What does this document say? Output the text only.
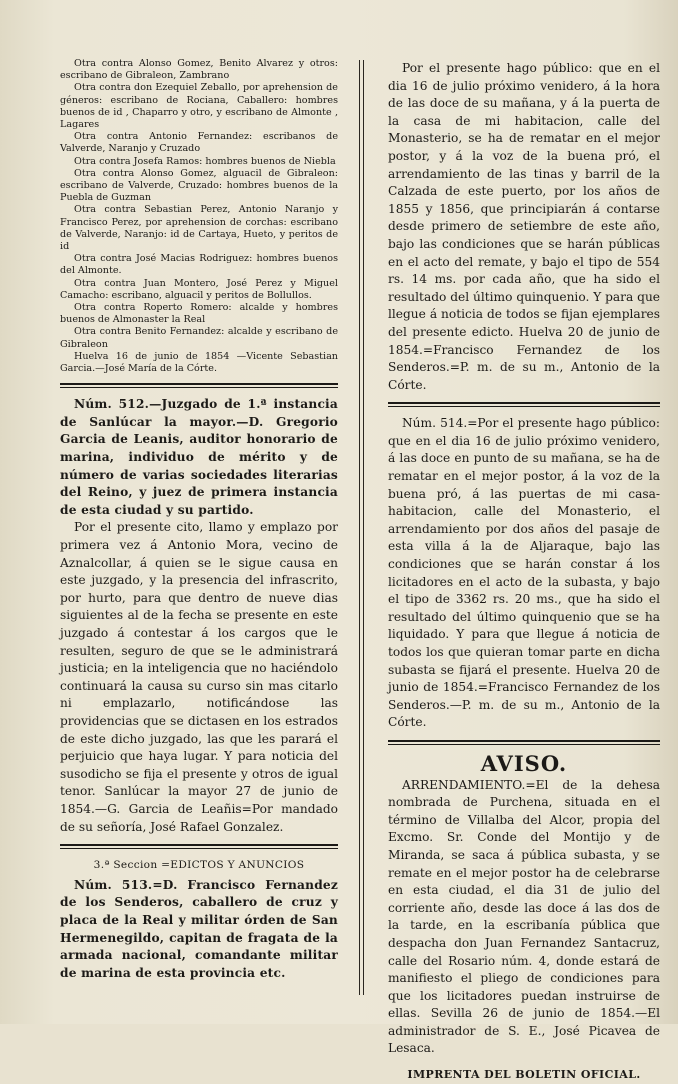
Otra contra Alonso Gomez, Benito Alvarez y otros: escribano de Gibraleon, Zambrano

Otra contra don Ezequiel Zeballo, por aprehension de géneros: escribano de Rociana, Caballero: hombres buenos de id , Chaparro y otro, y escribano de Almonte , Lagares

Otra contra Antonio Fernandez: escribanos de Valverde, Naranjo y Cruzado

Otra contra Josefa Ramos: hombres buenos de Niebla

Otra contra Alonso Gomez, alguacil de Gibraleon: escribano de Valverde, Cruzado: hombres buenos de la Puebla de Guzman

Otra contra Sebastian Perez, Antonio Naranjo y Francisco Perez, por aprehension de corchas: escribano de Valverde, Naranjo: id de Cartaya, Hueto, y peritos de id

Otra contra José Macias Rodriguez: hombres buenos del Almonte.

Otra contra Juan Montero, José Perez y Miguel Camacho: escribano, alguacil y peritos de Bollullos.

Otra contra Roperto Romero: alcalde y hombres buenos de Almonaster la Real

Otra contra Benito Fernandez: alcalde y escribano de Gibraleon

Huelva 16 de junio de 1854 —Vicente Sebastian Garcia.—José María de la Córte.

Núm. 512.—Juzgado de 1.ª instancia de Sanlúcar la mayor.—D. Gregorio Garcia de Leanis, auditor honorario de marina, individuo de mérito y de número de varias sociedades literarias del Reino, y juez de primera instancia de esta ciudad y su partido.

Por el presente cito, llamo y emplazo por primera vez á Antonio Mora, vecino de Aznalcollar, á quien se le sigue causa en este juzgado, y la presencia del infrascrito, por hurto, para que dentro de nueve dias siguientes al de la fecha se presente en este juzgado á contestar á los cargos que le resulten, seguro de que se le administrará justicia; en la inteligencia que no haciéndolo continuará la causa su curso sin mas citarlo ni emplazarlo, notificándose las providencias que se dictasen en los estrados de este dicho juzgado, las que les parará el perjuicio que haya lugar. Y para noticia del susodicho se fija el presente y otros de igual tenor. Sanlúcar la mayor 27 de junio de 1854.—G. Garcia de Leañis=Por mandado de su señoría, José Rafael Gonzalez.

3.ª Seccion =EDICTOS Y ANUNCIOS

Núm. 513.=D. Francisco Fernandez de los Senderos, caballero de cruz y placa de la Real y militar órden de San Hermenegildo, capitan de fragata de la armada nacional, comandante militar de marina de esta provincia etc.

Por el presente hago público: que en el dia 16 de julio próximo venidero, á la hora de las doce de su mañana, y á la puerta de la casa de mi habitacion, calle del Monasterio, se ha de rematar en el mejor postor, y á la voz de la buena pró, el arrendamiento de las tinas y barril de la Calzada de este puerto, por los años de 1855 y 1856, que principiarán á contarse desde primero de setiembre de este año, bajo las condiciones que se harán públicas en el acto del remate, y bajo el tipo de 554 rs. 14 ms. por cada año, que ha sido el resultado del último quinquenio. Y para que llegue á noticia de todos se fijan ejemplares del presente edicto. Huelva 20 de junio de 1854.=Francisco Fernandez de los Senderos.=P. m. de su m., Antonio de la Córte.

Núm. 514.=Por el presente hago público: que en el dia 16 de julio próximo venidero, á las doce en punto de su mañana, se ha de rematar en el mejor postor, á la voz de la buena pró, á las puertas de mi casa-habitacion, calle del Monasterio, el arrendamiento por dos años del pasaje de esta villa á la de Aljaraque, bajo las condiciones que se harán constar á los licitadores en el acto de la subasta, y bajo el tipo de 3362 rs. 20 ms., que ha sido el resultado del último quinquenio que se ha liquidado. Y para que llegue á noticia de todos los que quieran tomar parte en dicha subasta se fijará el presente. Huelva 20 de junio de 1854.=Francisco Fernandez de los Senderos.—P. m. de su m., Antonio de la Córte.

AVISO.

ARRENDAMIENTO.=El de la dehesa nombrada de Purchena, situada en el término de Villalba del Alcor, propia del Excmo. Sr. Conde del Montijo y de Miranda, se saca á pública subasta, y se remate en el mejor postor ha de celebrarse en esta ciudad, el dia 31 de julio del corriente año, desde las doce á las dos de la tarde, en la escribanía pública que despacha don Juan Fernandez Santacruz, calle del Rosario núm. 4, donde estará de manifiesto el pliego de condiciones para que los licitadores puedan instruirse de ellas. Sevilla 26 de junio de 1854.—El administrador de S. E., José Picavea de Lesaca.

IMPRENTA DEL BOLETIN OFICIAL.
